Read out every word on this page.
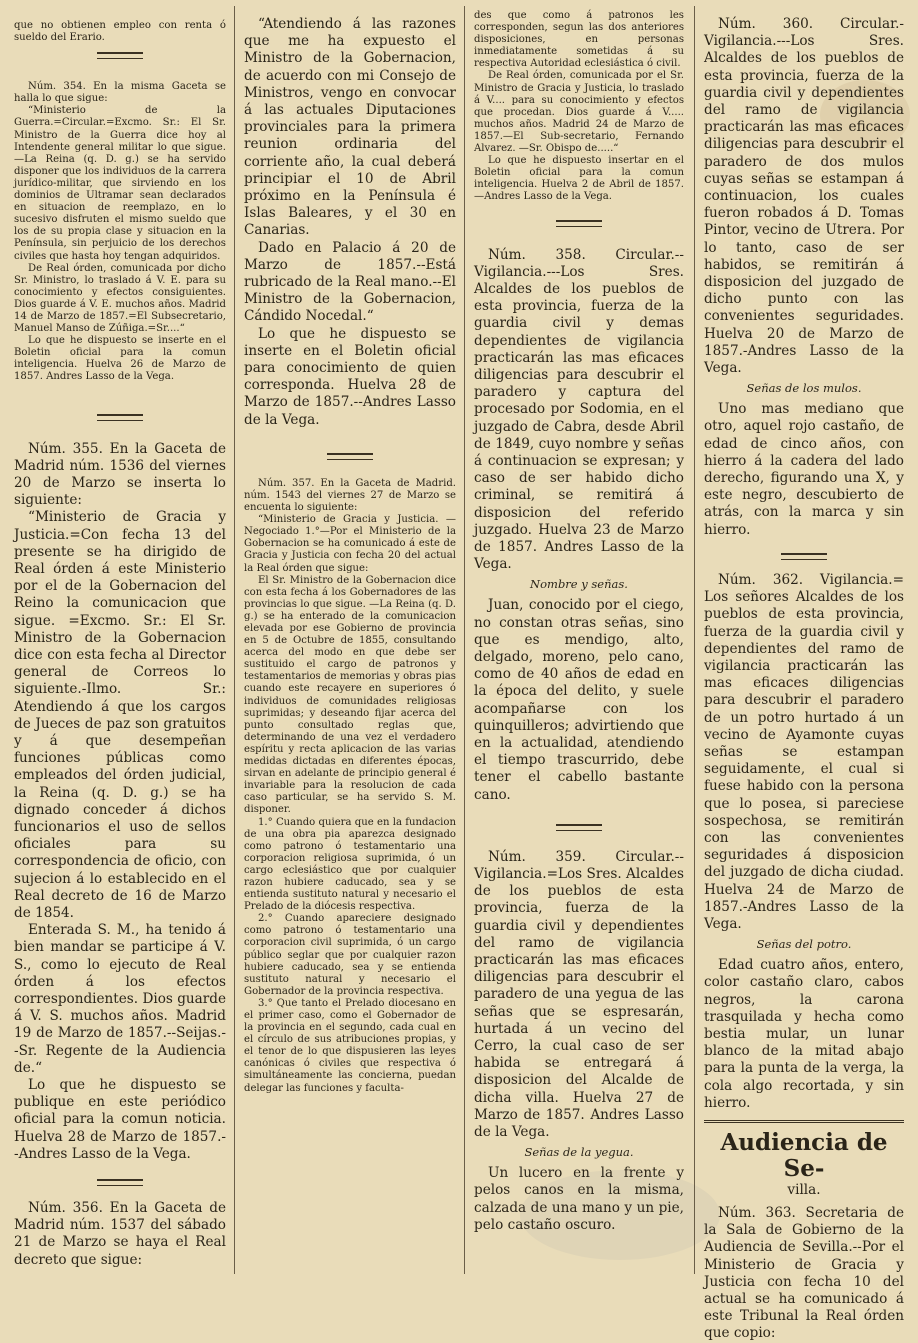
que no obtienen empleo con renta ó sueldo del Erario.

Núm. 354. En la misma Gaceta se halla lo que sigue:

“Ministerio de la Guerra.=Circular.=Excmo. Sr.: El Sr. Ministro de la Guerra dice hoy al Intendente general militar lo que sigue.—La Reina (q. D. g.) se ha servido disponer que los individuos de la carrera jurídico-militar, que sirviendo en los dominios de Ultramar sean declarados en situacion de reemplazo, en lo sucesivo disfruten el mismo sueldo que los de su propia clase y situacion en la Península, sin perjuicio de los derechos civiles que hasta hoy tengan adquiridos.

De Real órden, comunicada por dicho Sr. Ministro, lo traslado á V. E. para su conocimiento y efectos consiguientes. Dios guarde á V. E. muchos años. Madrid 14 de Marzo de 1857.=El Subsecretario, Manuel Manso de Zúñiga.=Sr....“

Lo que he dispuesto se inserte en el Boletin oficial para la comun inteligencia. Huelva 26 de Marzo de 1857. Andres Lasso de la Vega.

Núm. 355. En la Gaceta de Madrid núm. 1536 del viernes 20 de Marzo se inserta lo siguiente:

“Ministerio de Gracia y Justicia.=Con fecha 13 del presente se ha dirigido de Real órden á este Ministerio por el de la Gobernacion del Reino la comunicacion que sigue. =Excmo. Sr.: El Sr. Ministro de la Gobernacion dice con esta fecha al Director general de Correos lo siguiente.-Ilmo. Sr.: Atendiendo á que los cargos de Jueces de paz son gratuitos y á que desempeñan funciones públicas como empleados del órden judicial, la Reina (q. D. g.) se ha dignado conceder á dichos funcionarios el uso de sellos oficiales para su correspondencia de oficio, con sujecion á lo establecido en el Real decreto de 16 de Marzo de 1854.

Enterada S. M., ha tenido á bien mandar se participe á V. S., como lo ejecuto de Real órden á los efectos correspondientes. Dios guarde á V. S. muchos años. Madrid 19 de Marzo de 1857.--Seijas.--Sr. Regente de la Audiencia de.“

Lo que he dispuesto se publique en este periódico oficial para la comun noticia. Huelva 28 de Marzo de 1857.--Andres Lasso de la Vega.

Núm. 356. En la Gaceta de Madrid núm. 1537 del sábado 21 de Marzo se haya el Real decreto que sigue:

“Atendiendo á las razones que me ha expuesto el Ministro de la Gobernacion, de acuerdo con mi Consejo de Ministros, vengo en convocar á las actuales Diputaciones provinciales para la primera reunion ordinaria del corriente año, la cual deberá principiar el 10 de Abril próximo en la Península é Islas Baleares, y el 30 en Canarias.

Dado en Palacio á 20 de Marzo de 1857.--Está rubricado de la Real mano.--El Ministro de la Gobernacion, Cándido Nocedal.“

Lo que he dispuesto se inserte en el Boletin oficial para conocimiento de quien corresponda. Huelva 28 de Marzo de 1857.--Andres Lasso de la Vega.

Núm. 357. En la Gaceta de Madrid. núm. 1543 del viernes 27 de Marzo se encuenta lo siguiente:

“Ministerio de Gracia y Justicia. —Negociado 1.°—Por el Ministerio de la Gobernacion se ha comunicado á este de Gracia y Justicia con fecha 20 del actual la Real órden que sigue:

El Sr. Ministro de la Gobernacion dice con esta fecha á los Gobernadores de las provincias lo que sigue. —La Reina (q. D. g.) se ha enterado de la comunicacion elevada por ese Gobierno de provincia en 5 de Octubre de 1855, consultando acerca del modo en que debe ser sustituido el cargo de patronos y testamentarios de memorias y obras pias cuando este recayere en superiores ó individuos de comunidades religiosas suprimidas; y deseando fijar acerca del punto consultado reglas que, determinando de una vez el verdadero espíritu y recta aplicacion de las varias medidas dictadas en diferentes épocas, sirvan en adelante de principio general é invariable para la resolucion de cada caso particular, se ha servido S. M. disponer.

1.° Cuando quiera que en la fundacion de una obra pia aparezca designado como patrono ó testamentario una corporacion religiosa suprimida, ó un cargo eclesiástico que por cualquier razon hubiere caducado, sea y se entienda sustituto natural y necesario el Prelado de la diócesis respectiva.

2.° Cuando apareciere designado como patrono ó testamentario una corporacion civil suprimida, ó un cargo público seglar que por cualquier razon hubiere caducado, sea y se entienda sustituto natural y necesario el Gobernador de la provincia respectiva.

3.° Que tanto el Prelado diocesano en el primer caso, como el Gobernador de la provincia en el segundo, cada cual en el círculo de sus atribuciones propias, y el tenor de lo que dispusieren las leyes canónicas ó civiles que respectiva ó simultáneamente las concierna, puedan delegar las funciones y faculta-

des que como á patronos les corresponden, segun las dos anteriores disposiciones, en personas inmediatamente sometidas á su respectiva Autoridad eclesiástica ó civil.

De Real órden, comunicada por el Sr. Ministro de Gracia y Justicia, lo traslado á V.... para su conocimiento y efectos que procedan. Dios guarde á V..... muchos años. Madrid 24 de Marzo de 1857.—El Sub-secretario, Fernando Alvarez. —Sr. Obispo de.....“

Lo que he dispuesto insertar en el Boletin oficial para la comun inteligencia. Huelva 2 de Abril de 1857.—Andres Lasso de la Vega.

Núm. 358. Circular.--Vigilancia.---Los Sres. Alcaldes de los pueblos de esta provincia, fuerza de la guardia civil y demas dependientes de vigilancia practicarán las mas eficaces diligencias para descubrir el paradero y captura del procesado por Sodomia, en el juzgado de Cabra, desde Abril de 1849, cuyo nombre y señas á continuacion se expresan; y caso de ser habido dicho criminal, se remitirá á disposicion del referido juzgado. Huelva 23 de Marzo de 1857. Andres Lasso de la Vega.

Nombre y señas.

Juan, conocido por el ciego, no constan otras señas, sino que es mendigo, alto, delgado, moreno, pelo cano, como de 40 años de edad en la época del delito, y suele acompañarse con los quinquilleros; advirtiendo que en la actualidad, atendiendo el tiempo trascurrido, debe tener el cabello bastante cano.

Núm. 359. Circular.--Vigilancia.=Los Sres. Alcaldes de los pueblos de esta provincia, fuerza de la guardia civil y dependientes del ramo de vigilancia practicarán las mas eficaces diligencias para descubrir el paradero de una yegua de las señas que se espresarán, hurtada á un vecino del Cerro, la cual caso de ser habida se entregará á disposicion del Alcalde de dicha villa. Huelva 27 de Marzo de 1857. Andres Lasso de la Vega.

Señas de la yegua.

Un lucero en la frente y pelos canos en la misma, calzada de una mano y un pie, pelo castaño oscuro.

Núm. 360. Circular.-Vigilancia.---Los Sres. Alcaldes de los pueblos de esta provincia, fuerza de la guardia civil y dependientes del ramo de vigilancia practicarán las mas eficaces diligencias para descubrir el paradero de dos mulos cuyas señas se estampan á continuacion, los cuales fueron robados á D. Tomas Pintor, vecino de Utrera. Por lo tanto, caso de ser habidos, se remitirán á disposicion del juzgado de dicho punto con las convenientes seguridades. Huelva 20 de Marzo de 1857.-Andres Lasso de la Vega.

Señas de los mulos.

Uno mas mediano que otro, aquel rojo castaño, de edad de cinco años, con hierro á la cadera del lado derecho, figurando una X, y este negro, descubierto de atrás, con la marca y sin hierro.

Núm. 362. Vigilancia.= Los señores Alcaldes de los pueblos de esta provincia, fuerza de la guardia civil y dependientes del ramo de vigilancia practicarán las mas eficaces diligencias para descubrir el paradero de un potro hurtado á un vecino de Ayamonte cuyas señas se estampan seguidamente, el cual si fuese habido con la persona que lo posea, si pareciese sospechosa, se remitirán con las convenientes seguridades á disposicion del juzgado de dicha ciudad. Huelva 24 de Marzo de 1857.-Andres Lasso de la Vega.

Señas del potro.

Edad cuatro años, entero, color castaño claro, cabos negros, la carona trasquilada y hecha como bestia mular, un lunar blanco de la mitad abajo para la punta de la verga, la cola algo recortada, y sin hierro.

Audiencia de Se-
villa.

Núm. 363. Secretaria de la Sala de Gobierno de la Audiencia de Sevilla.--Por el Ministerio de Gracia y Justicia con fecha 10 del actual se ha comunicado á este Tribunal la Real órden que copio:
